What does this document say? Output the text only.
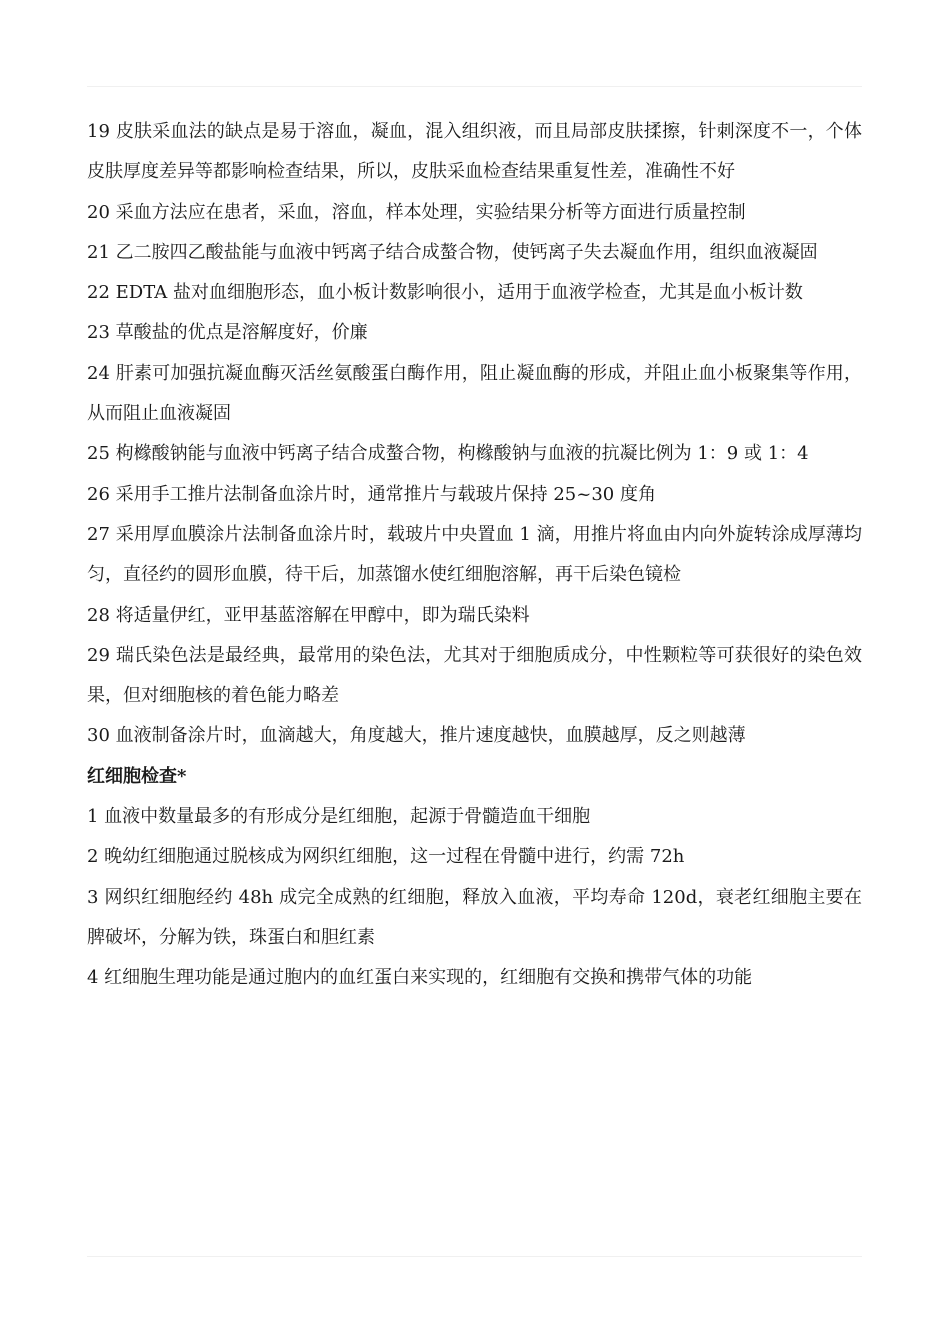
19 皮肤采血法的缺点是易于溶血，凝血，混入组织液，而且局部皮肤揉擦，针刺深度不一，个体皮肤厚度差异等都影响检查结果，所以，皮肤采血检查结果重复性差，准确性不好

20 采血方法应在患者，采血，溶血，样本处理，实验结果分析等方面进行质量控制

21 乙二胺四乙酸盐能与血液中钙离子结合成螯合物，使钙离子失去凝血作用，组织血液凝固

22 EDTA 盐对血细胞形态，血小板计数影响很小，适用于血液学检查，尤其是血小板计数

23 草酸盐的优点是溶解度好，价廉

24 肝素可加强抗凝血酶灭活丝氨酸蛋白酶作用，阻止凝血酶的形成，并阻止血小板聚集等作用，从而阻止血液凝固

25 枸橼酸钠能与血液中钙离子结合成螯合物，枸橼酸钠与血液的抗凝比例为 1：9 或 1：4

26 采用手工推片法制备血涂片时，通常推片与载玻片保持 25~30 度角

27 采用厚血膜涂片法制备血涂片时，载玻片中央置血 1 滴，用推片将血由内向外旋转涂成厚薄均匀，直径约的圆形血膜，待干后，加蒸馏水使红细胞溶解，再干后染色镜检

28 将适量伊红，亚甲基蓝溶解在甲醇中，即为瑞氏染料

29 瑞氏染色法是最经典，最常用的染色法，尤其对于细胞质成分，中性颗粒等可获很好的染色效果，但对细胞核的着色能力略差

30 血液制备涂片时，血滴越大，角度越大，推片速度越快，血膜越厚，反之则越薄

红细胞检查*

1 血液中数量最多的有形成分是红细胞，起源于骨髓造血干细胞

2 晚幼红细胞通过脱核成为网织红细胞，这一过程在骨髓中进行，约需 72h

3 网织红细胞经约 48h 成完全成熟的红细胞，释放入血液，平均寿命 120d，衰老红细胞主要在脾破坏，分解为铁，珠蛋白和胆红素

4 红细胞生理功能是通过胞内的血红蛋白来实现的，红细胞有交换和携带气体的功能
